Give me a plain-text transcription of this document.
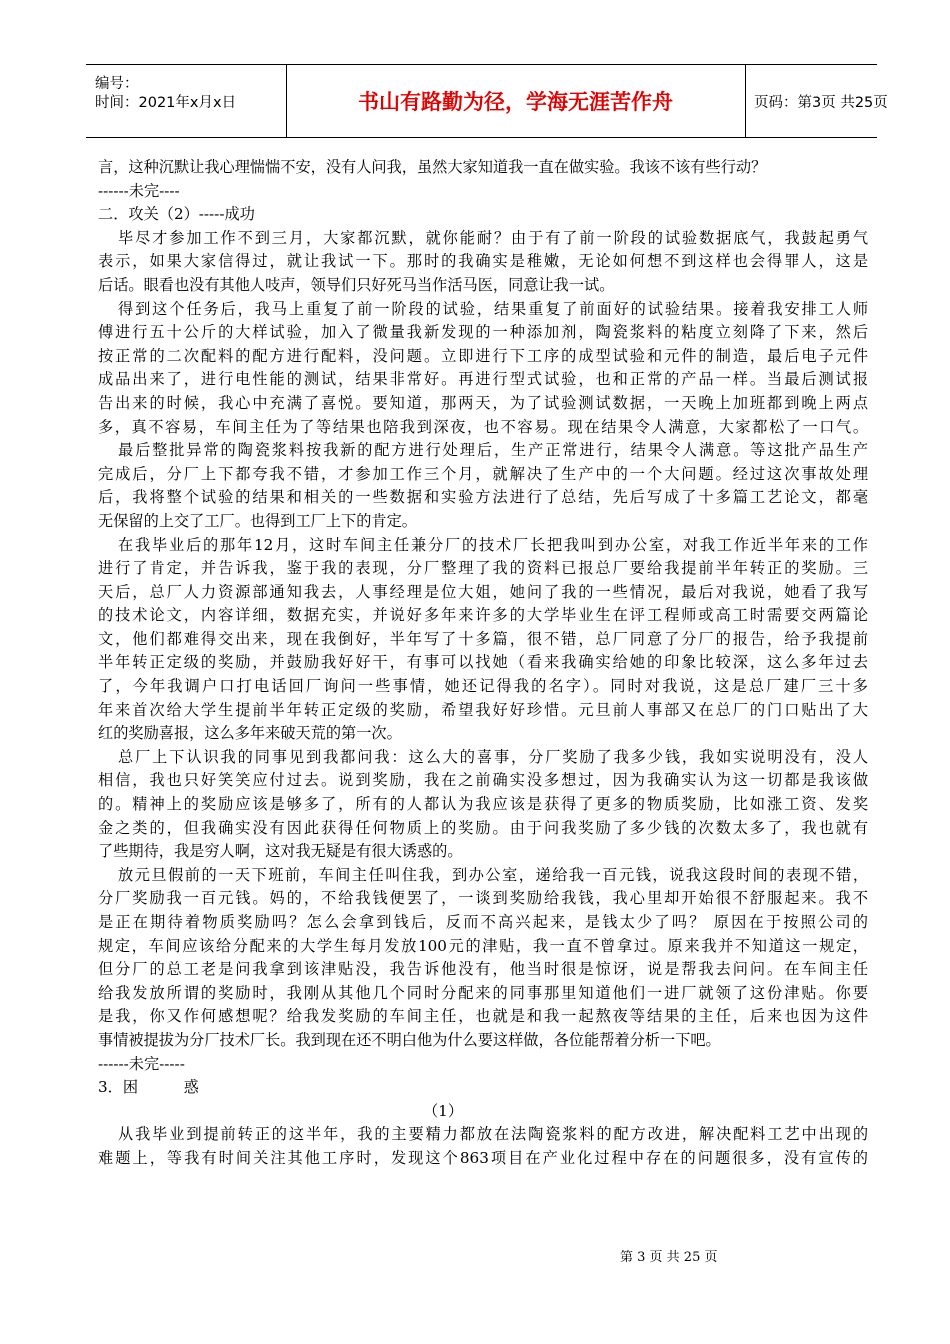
编号：
时间：2021年x月x日	书山有路勤为径，学海无涯苦作舟	页码：第3页 共25页
言，这种沉默让我心理惴惴不安，没有人问我，虽然大家知道我一直在做实验。我该不该有些行动？
------未完----
二．攻关（2）-----成功
毕尽才参加工作不到三月，大家都沉默，就你能耐？由于有了前一阶段的试验数据底气，我鼓起勇气
表示，如果大家信得过，就让我试一下。那时的我确实是稚嫩，无论如何想不到这样也会得罪人，这是
后话。眼看也没有其他人吱声，领导们只好死马当作活马医，同意让我一试。
得到这个任务后，我马上重复了前一阶段的试验，结果重复了前面好的试验结果。接着我安排工人师
傅进行五十公斤的大样试验，加入了微量我新发现的一种添加剂，陶瓷浆料的粘度立刻降了下来，然后
按正常的二次配料的配方进行配料，没问题。立即进行下工序的成型试验和元件的制造，最后电子元件
成品出来了，进行电性能的测试，结果非常好。再进行型式试验，也和正常的产品一样。当最后测试报
告出来的时候，我心中充满了喜悦。要知道，那两天，为了试验测试数据，一天晚上加班都到晚上两点
多，真不容易，车间主任为了等结果也陪我到深夜，也不容易。现在结果令人满意，大家都松了一口气。
最后整批异常的陶瓷浆料按我新的配方进行处理后，生产正常进行，结果令人满意。等这批产品生产
完成后，分厂上下都夸我不错，才参加工作三个月，就解决了生产中的一个大问题。经过这次事故处理
后，我将整个试验的结果和相关的一些数据和实验方法进行了总结，先后写成了十多篇工艺论文，都毫
无保留的上交了工厂。也得到工厂上下的肯定。
在我毕业后的那年12月，这时车间主任兼分厂的技术厂长把我叫到办公室，对我工作近半年来的工作
进行了肯定，并告诉我，鉴于我的表现，分厂整理了我的资料已报总厂要给我提前半年转正的奖励。三
天后，总厂人力资源部通知我去，人事经理是位大姐，她问了我的一些情况，最后对我说，她看了我写
的技术论文，内容详细，数据充实，并说好多年来许多的大学毕业生在评工程师或高工时需要交两篇论
文，他们都难得交出来，现在我倒好，半年写了十多篇，很不错，总厂同意了分厂的报告，给予我提前
半年转正定级的奖励，并鼓励我好好干，有事可以找她（看来我确实给她的印象比较深，这么多年过去
了，今年我调户口打电话回厂询问一些事情，她还记得我的名字）。同时对我说，这是总厂建厂三十多
年来首次给大学生提前半年转正定级的奖励，希望我好好珍惜。元旦前人事部又在总厂的门口贴出了大
红的奖励喜报，这么多年来破天荒的第一次。
总厂上下认识我的同事见到我都问我：这么大的喜事，分厂奖励了我多少钱，我如实说明没有，没人
相信，我也只好笑笑应付过去。说到奖励，我在之前确实没多想过，因为我确实认为这一切都是我该做
的。精神上的奖励应该是够多了，所有的人都认为我应该是获得了更多的物质奖励，比如涨工资、发奖
金之类的，但我确实没有因此获得任何物质上的奖励。由于问我奖励了多少钱的次数太多了，我也就有
了些期待，我是穷人啊，这对我无疑是有很大诱惑的。
放元旦假前的一天下班前，车间主任叫住我，到办公室，递给我一百元钱，说我这段时间的表现不错，
分厂奖励我一百元钱。妈的，不给我钱便罢了，一谈到奖励给我钱，我心里却开始很不舒服起来。我不
是正在期待着物质奖励吗？怎么会拿到钱后，反而不高兴起来，是钱太少了吗？ 原因在于按照公司的
规定，车间应该给分配来的大学生每月发放100元的津贴，我一直不曾拿过。原来我并不知道这一规定，
但分厂的总工老是问我拿到该津贴没，我告诉他没有，他当时很是惊讶，说是帮我去问问。在车间主任
给我发放所谓的奖励时，我刚从其他几个同时分配来的同事那里知道他们一进厂就领了这份津贴。你要
是我，你又作何感想呢？给我发奖励的车间主任，也就是和我一起熬夜等结果的主任，后来也因为这件
事情被提拔为分厂技术厂长。我到现在还不明白他为什么要这样做，各位能帮着分析一下吧。
------未完-----
3．困　　　惑
（1）
从我毕业到提前转正的这半年，我的主要精力都放在法陶瓷浆料的配方改进，解决配料工艺中出现的
难题上，等我有时间关注其他工序时，发现这个863项目在产业化过程中存在的问题很多，没有宣传的
第 3 页 共 25 页
